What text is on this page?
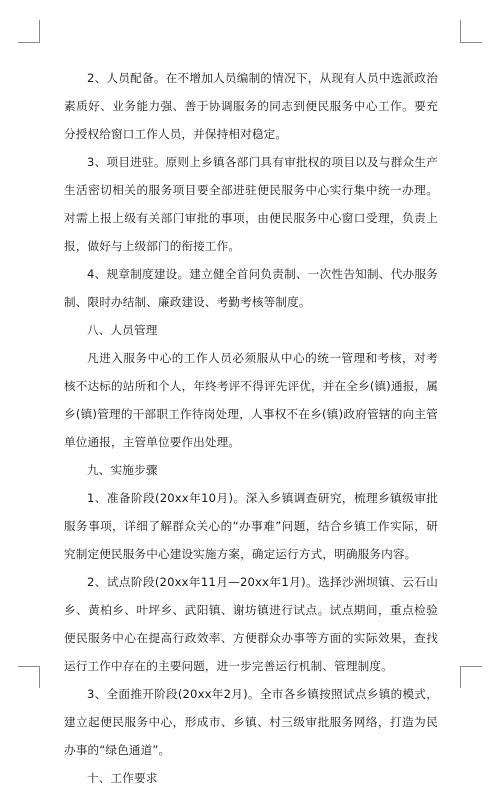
2、人员配备。在不增加人员编制的情况下，从现有人员中选派政治素质好、业务能力强、善于协调服务的同志到便民服务中心工作。要充分授权给窗口工作人员，并保持相对稳定。

3、项目进驻。原则上乡镇各部门具有审批权的项目以及与群众生产生活密切相关的服务项目要全部进驻便民服务中心实行集中统一办理。对需上报上级有关部门审批的事项，由便民服务中心窗口受理，负责上报，做好与上级部门的衔接工作。

4、规章制度建设。建立健全首问负责制、一次性告知制、代办服务制、限时办结制、廉政建设、考勤考核等制度。

八、人员管理

凡进入服务中心的工作人员必须服从中心的统一管理和考核，对考核不达标的站所和个人，年终考评不得评先评优，并在全乡(镇)通报，属乡(镇)管理的干部职工作待岗处理，人事权不在乡(镇)政府管辖的向主管单位通报，主管单位要作出处理。

九、实施步骤

1、准备阶段(20xx年10月)。深入乡镇调查研究，梳理乡镇级审批服务事项，详细了解群众关心的“办事难”问题，结合乡镇工作实际，研究制定便民服务中心建设实施方案，确定运行方式，明确服务内容。

2、试点阶段(20xx年11月—20xx年1月)。选择沙洲坝镇、云石山乡、黄柏乡、叶坪乡、武阳镇、谢坊镇进行试点。试点期间，重点检验便民服务中心在提高行政效率、方便群众办事等方面的实际效果，查找运行工作中存在的主要问题，进一步完善运行机制、管理制度。

3、全面推开阶段(20xx年2月)。全市各乡镇按照试点乡镇的模式，建立起便民服务中心，形成市、乡镇、村三级审批服务网络，打造为民办事的“绿色通道”。

十、工作要求
